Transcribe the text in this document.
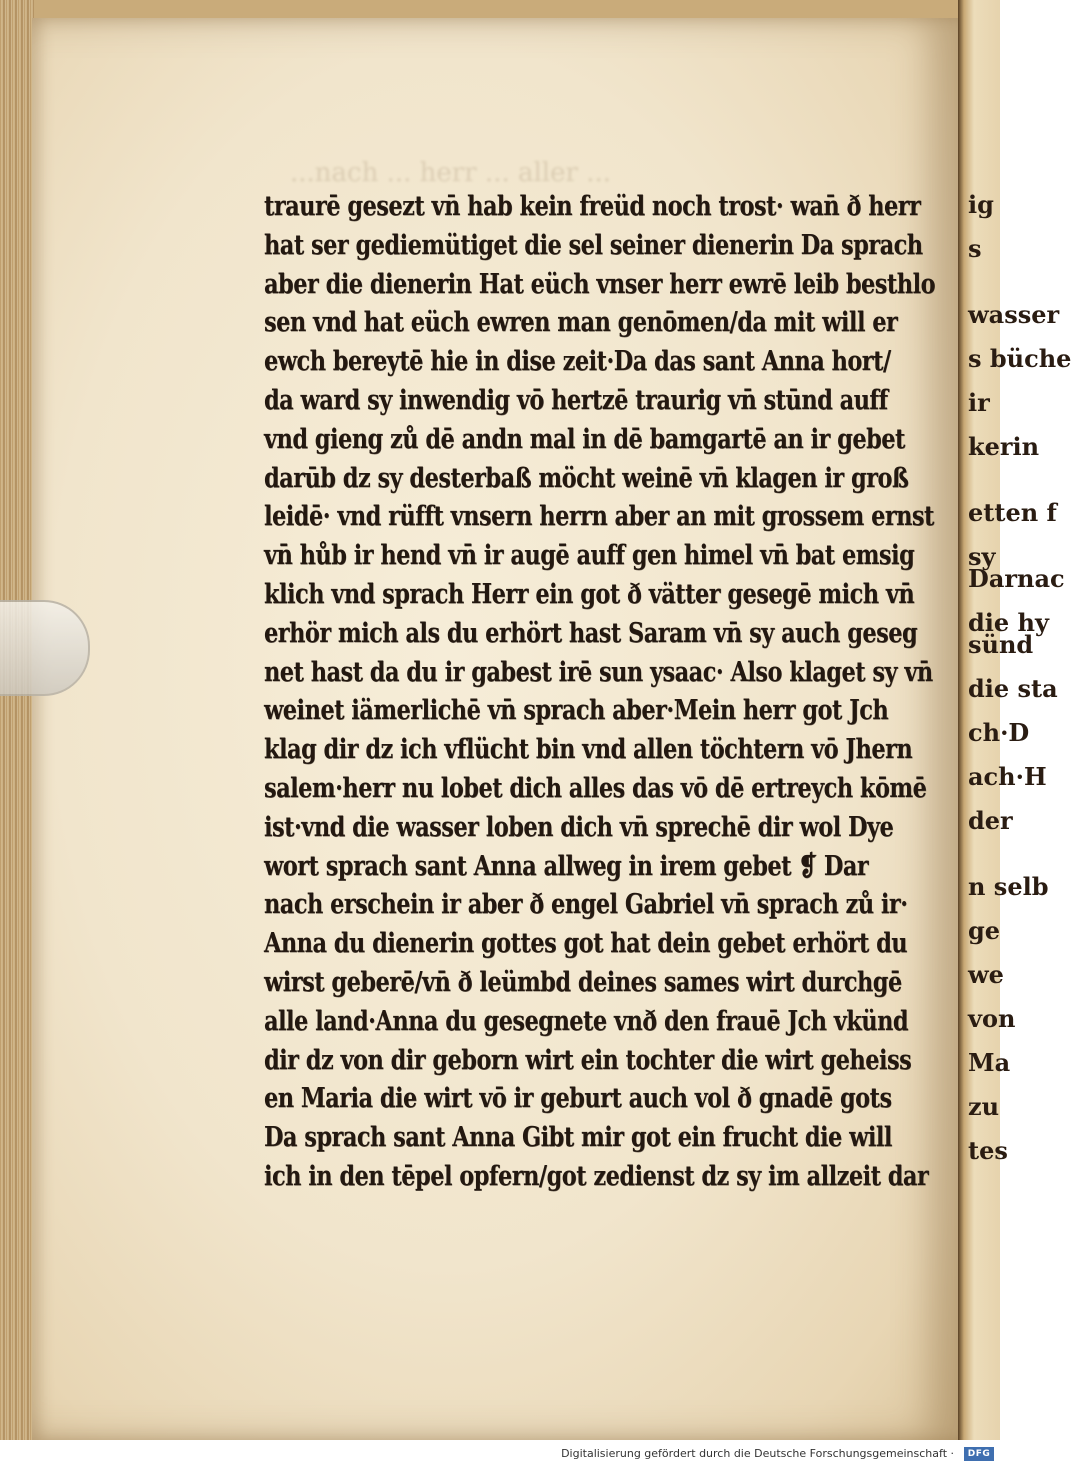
...nach ... herr ... aller ...
traurē gesezt vn̄ hab kein freüd noch trost· wan̄ ð herr
hat ser gediemütiget die sel seiner dienerin Da sprach
aber die dienerin Hat eüch vnser herr ewrē leib besthlo
sen vnd hat eüch ewren man genōmen/da mit will er
ewch bereytē hie in dise zeit·Da das sant Anna hort/
da ward sy inwendig vō hertzē traurig vn̄ stūnd auff
vnd gieng zů dē andn mal in dē bamgartē an ir gebet
darūb dz sy desterbaß möcht weinē vn̄ klagen ir groß
leidē· vnd rüfft vnsern herrn aber an mit grossem ernst
vn̄ hůb ir hend vn̄ ir augē auff gen himel vn̄ bat emsig
klich vnd sprach Herr ein got ð vätter gesegē mich vn̄
erhör mich als du erhört hast Saram vn̄ sy auch geseg
net hast da du ir gabest irē sun ysaac· Also klaget sy vn̄
weinet iämerlichē vn̄ sprach aber·Mein herr got Jch
klag dir dz ich vflücht bin vnd allen töchtern vō Jhern
salem·herr nu lobet dich alles das vō dē ertreych kōmē
ist·vnd die wasser loben dich vn̄ sprechē dir wol Dye
wort sprach sant Anna allweg in irem gebet ❡ Dar
nach erschein ir aber ð engel Gabriel vn̄ sprach zů ir·
Anna du dienerin gottes got hat dein gebet erhört du
wirst geberē/vn̄ ð leümbd deines sames wirt durchgē
alle land·Anna du gesegnete vnð den frauē Jch vkünd
dir dz von dir geborn wirt ein tochter die wirt geheiss
en Maria die wirt vō ir geburt auch vol ð gnadē gots
Da sprach sant Anna Gibt mir got ein frucht die will
ich in den tēpel opfern/got zedienst dz sy im allzeit dar
ig
s
wasser
s büche
ir
kerin
etten f
sy
Darnac
die hy
sünd
die sta
ch·D
ach·H
der
n selb
ge
we
von
Ma
zu
tes
Digitalisierung gefördert durch die Deutsche Forschungsgemeinschaft ·	DFG
